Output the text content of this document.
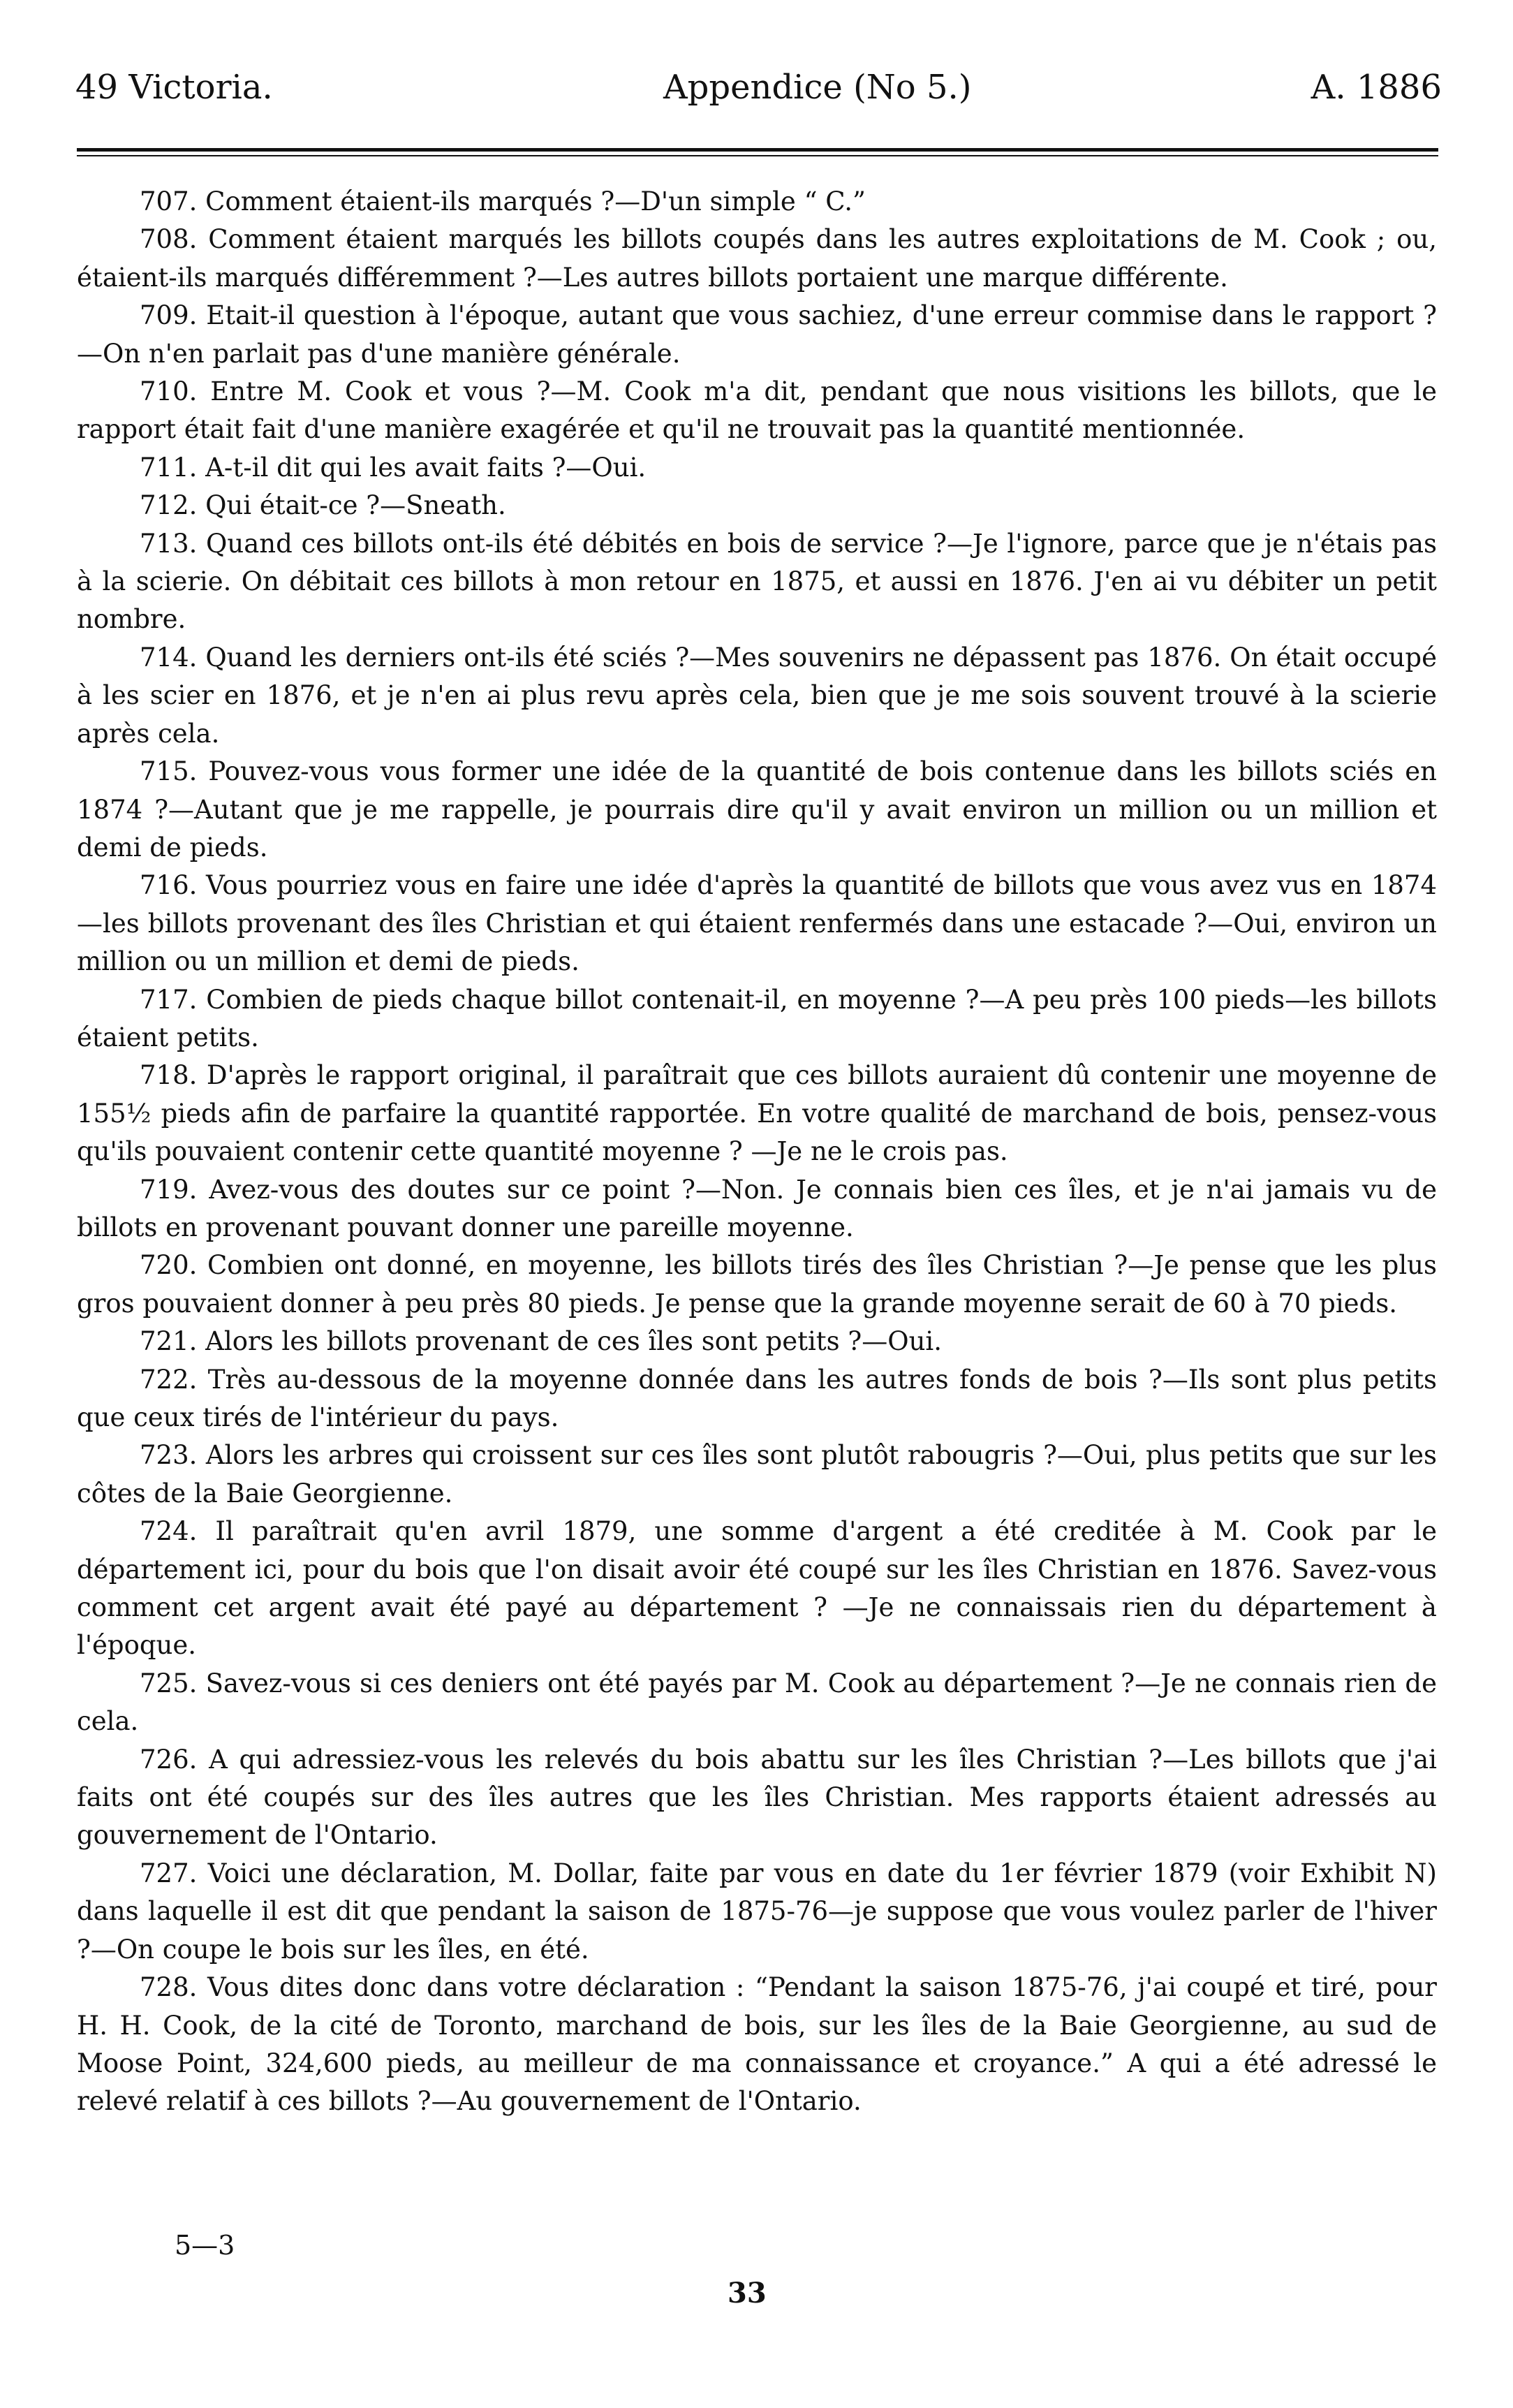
49 Victoria.	Appendice (No 5.)	A. 1886

707. Comment étaient-ils marqués ?—D'un simple “ C.”

708. Comment étaient marqués les billots coupés dans les autres exploitations de M. Cook ; ou, étaient-ils marqués différemment ?—Les autres billots portaient une marque différente.

709. Etait-il question à l'époque, autant que vous sachiez, d'une erreur commise dans le rapport ?—On n'en parlait pas d'une manière générale.

710. Entre M. Cook et vous ?—M. Cook m'a dit, pendant que nous visitions les billots, que le rapport était fait d'une manière exagérée et qu'il ne trouvait pas la quantité mentionnée.

711. A-t-il dit qui les avait faits ?—Oui.

712. Qui était-ce ?—Sneath.

713. Quand ces billots ont-ils été débités en bois de service ?—Je l'ignore, parce que je n'étais pas à la scierie. On débitait ces billots à mon retour en 1875, et aussi en 1876. J'en ai vu débiter un petit nombre.

714. Quand les derniers ont-ils été sciés ?—Mes souvenirs ne dépassent pas 1876. On était occupé à les scier en 1876, et je n'en ai plus revu après cela, bien que je me sois souvent trouvé à la scierie après cela.

715. Pouvez-vous vous former une idée de la quantité de bois contenue dans les billots sciés en 1874 ?—Autant que je me rappelle, je pourrais dire qu'il y avait environ un million ou un million et demi de pieds.

716. Vous pourriez vous en faire une idée d'après la quantité de billots que vous avez vus en 1874—les billots provenant des îles Christian et qui étaient renfermés dans une estacade ?—Oui, environ un million ou un million et demi de pieds.

717. Combien de pieds chaque billot contenait-il, en moyenne ?—A peu près 100 pieds—les billots étaient petits.

718. D'après le rapport original, il paraîtrait que ces billots auraient dû contenir une moyenne de 155½ pieds afin de parfaire la quantité rapportée. En votre qualité de marchand de bois, pensez-vous qu'ils pouvaient contenir cette quantité moyenne ? —Je ne le crois pas.

719. Avez-vous des doutes sur ce point ?—Non. Je connais bien ces îles, et je n'ai jamais vu de billots en provenant pouvant donner une pareille moyenne.

720. Combien ont donné, en moyenne, les billots tirés des îles Christian ?—Je pense que les plus gros pouvaient donner à peu près 80 pieds. Je pense que la grande moyenne serait de 60 à 70 pieds.

721. Alors les billots provenant de ces îles sont petits ?—Oui.

722. Très au-dessous de la moyenne donnée dans les autres fonds de bois ?—Ils sont plus petits que ceux tirés de l'intérieur du pays.

723. Alors les arbres qui croissent sur ces îles sont plutôt rabougris ?—Oui, plus petits que sur les côtes de la Baie Georgienne.

724. Il paraîtrait qu'en avril 1879, une somme d'argent a été creditée à M. Cook par le département ici, pour du bois que l'on disait avoir été coupé sur les îles Christian en 1876. Savez-vous comment cet argent avait été payé au département ? —Je ne connaissais rien du département à l'époque.

725. Savez-vous si ces deniers ont été payés par M. Cook au département ?—Je ne connais rien de cela.

726. A qui adressiez-vous les relevés du bois abattu sur les îles Christian ?—Les billots que j'ai faits ont été coupés sur des îles autres que les îles Christian. Mes rapports étaient adressés au gouvernement de l'Ontario.

727. Voici une déclaration, M. Dollar, faite par vous en date du 1er février 1879 (voir Exhibit N) dans laquelle il est dit que pendant la saison de 1875-76—je suppose que vous voulez parler de l'hiver ?—On coupe le bois sur les îles, en été.

728. Vous dites donc dans votre déclaration : “Pendant la saison 1875-76, j'ai coupé et tiré, pour H. H. Cook, de la cité de Toronto, marchand de bois, sur les îles de la Baie Georgienne, au sud de Moose Point, 324,600 pieds, au meilleur de ma connaissance et croyance.” A qui a été adressé le relevé relatif à ces billots ?—Au gouvernement de l'Ontario.

5—3
33
